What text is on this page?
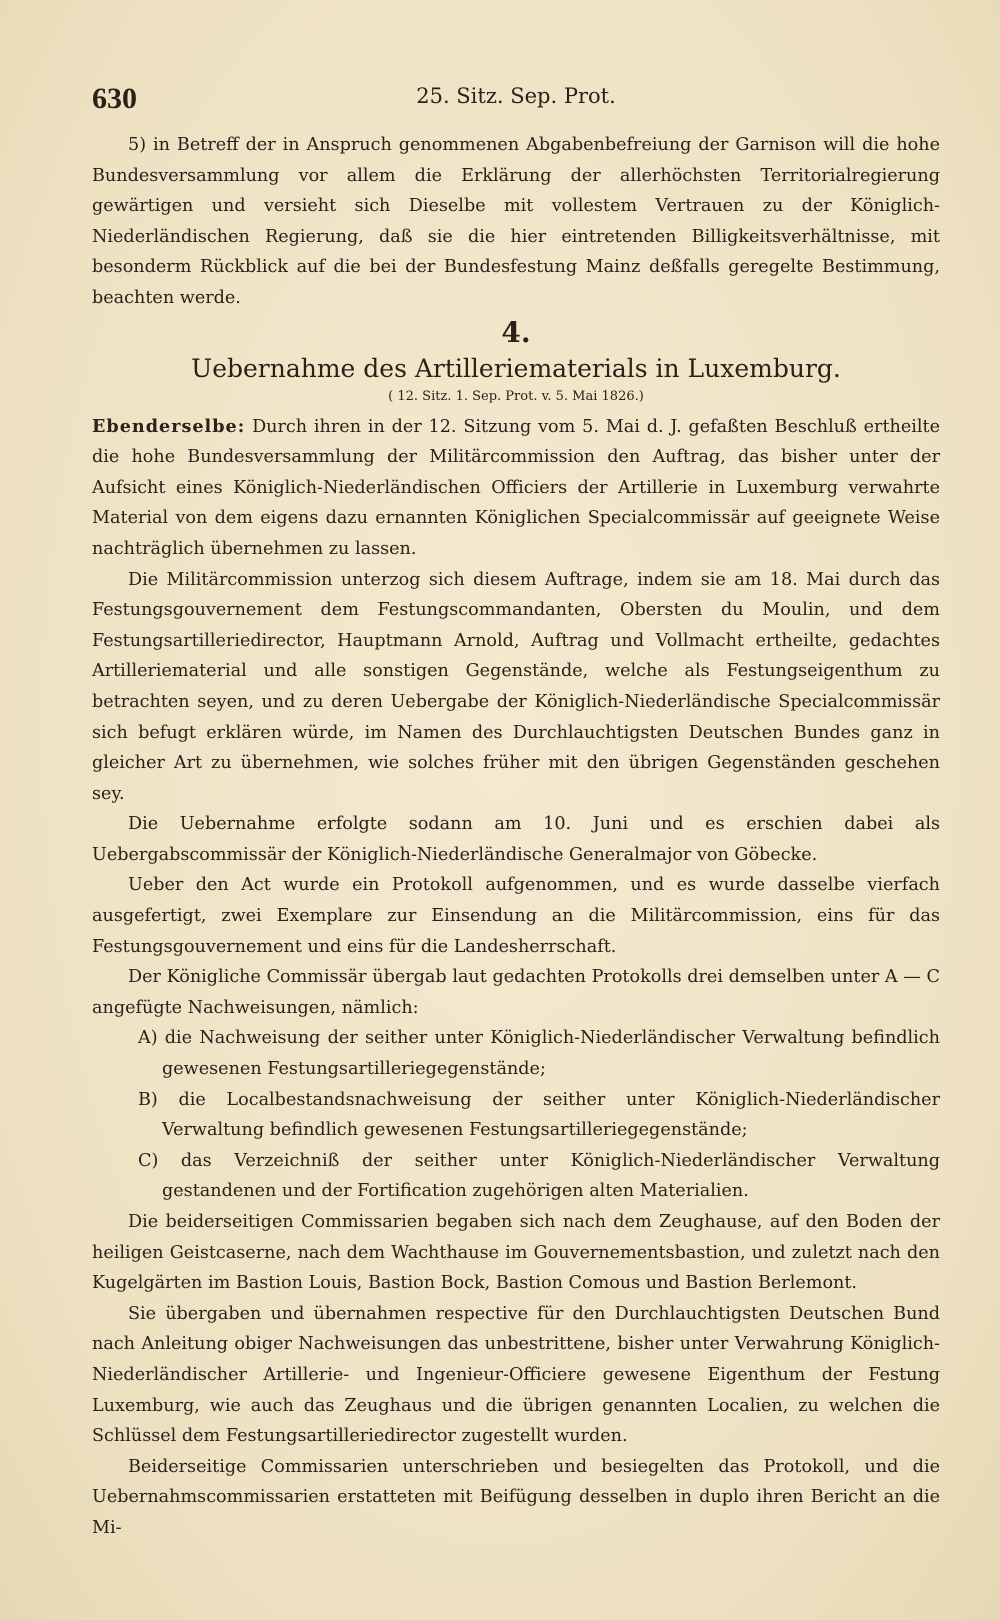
630	25. Sitz. Sep. Prot.

5) in Betreff der in Anspruch genommenen Abgabenbefreiung der Garnison will die hohe Bundesversammlung vor allem die Erklärung der allerhöchsten Territorialregierung gewärtigen und versieht sich Dieselbe mit vollestem Vertrauen zu der Königlich-Niederländischen Regierung, daß sie die hier eintretenden Billigkeitsverhältnisse, mit besonderm Rückblick auf die bei der Bundesfestung Mainz deßfalls geregelte Bestimmung, beachten werde.

4.
Uebernahme des Artilleriematerials in Luxemburg.
( 12. Sitz. 1. Sep. Prot. v. 5. Mai 1826.)

Ebenderselbe: Durch ihren in der 12. Sitzung vom 5. Mai d. J. gefaßten Beschluß ertheilte die hohe Bundesversammlung der Militärcommission den Auftrag, das bisher unter der Aufsicht eines Königlich-Niederländischen Officiers der Artillerie in Luxemburg verwahrte Material von dem eigens dazu ernannten Königlichen Specialcommissär auf geeignete Weise nachträglich übernehmen zu lassen.

Die Militärcommission unterzog sich diesem Auftrage, indem sie am 18. Mai durch das Festungsgouvernement dem Festungscommandanten, Obersten du Moulin, und dem Festungsartilleriedirector, Hauptmann Arnold, Auftrag und Vollmacht ertheilte, gedachtes Artilleriematerial und alle sonstigen Gegenstände, welche als Festungseigenthum zu betrachten seyen, und zu deren Uebergabe der Königlich-Niederländische Specialcommissär sich befugt erklären würde, im Namen des Durchlauchtigsten Deutschen Bundes ganz in gleicher Art zu übernehmen, wie solches früher mit den übrigen Gegenständen geschehen sey.

Die Uebernahme erfolgte sodann am 10. Juni und es erschien dabei als Uebergabscommissär der Königlich-Niederländische Generalmajor von Göbecke.

Ueber den Act wurde ein Protokoll aufgenommen, und es wurde dasselbe vierfach ausgefertigt, zwei Exemplare zur Einsendung an die Militärcommission, eins für das Festungsgouvernement und eins für die Landesherrschaft.

Der Königliche Commissär übergab laut gedachten Protokolls drei demselben unter A — C angefügte Nachweisungen, nämlich:

A) die Nachweisung der seither unter Königlich-Niederländischer Verwaltung befindlich gewesenen Festungsartilleriegegenstände;

B) die Localbestandsnachweisung der seither unter Königlich-Niederländischer Verwaltung befindlich gewesenen Festungsartilleriegegenstände;

C) das Verzeichniß der seither unter Königlich-Niederländischer Verwaltung gestandenen und der Fortification zugehörigen alten Materialien.

Die beiderseitigen Commissarien begaben sich nach dem Zeughause, auf den Boden der heiligen Geistcaserne, nach dem Wachthause im Gouvernementsbastion, und zuletzt nach den Kugelgärten im Bastion Louis, Bastion Bock, Bastion Comous und Bastion Berlemont.

Sie übergaben und übernahmen respective für den Durchlauchtigsten Deutschen Bund nach Anleitung obiger Nachweisungen das unbestrittene, bisher unter Verwahrung Königlich-Niederländischer Artillerie- und Ingenieur-Officiere gewesene Eigenthum der Festung Luxemburg, wie auch das Zeughaus und die übrigen genannten Localien, zu welchen die Schlüssel dem Festungsartilleriedirector zugestellt wurden.

Beiderseitige Commissarien unterschrieben und besiegelten das Protokoll, und die Uebernahmscommissarien erstatteten mit Beifügung desselben in duplo ihren Bericht an die Mi-
